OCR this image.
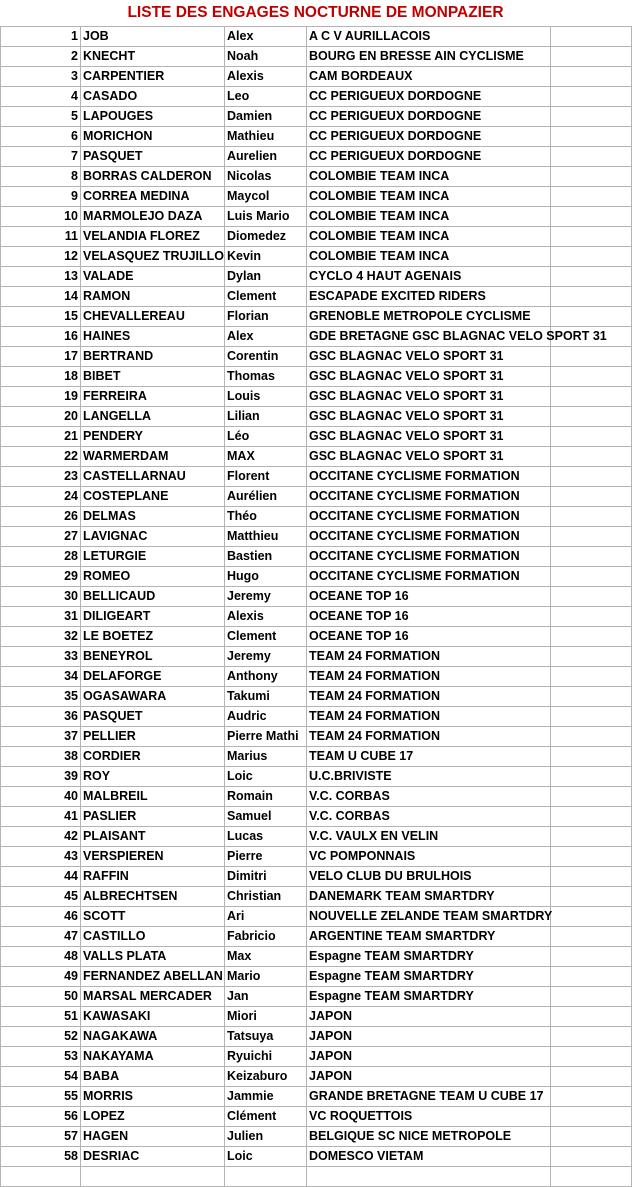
LISTE DES ENGAGES NOCTURNE DE MONPAZIER
1	JOB	Alex	A C V AURILLACOIS	
2	KNECHT	Noah	BOURG EN BRESSE AIN CYCLISME	
3	CARPENTIER	Alexis	CAM BORDEAUX	
4	CASADO	Leo	CC PERIGUEUX DORDOGNE	
5	LAPOUGES	Damien	CC PERIGUEUX DORDOGNE	
6	MORICHON	Mathieu	CC PERIGUEUX DORDOGNE	
7	PASQUET	Aurelien	CC PERIGUEUX DORDOGNE	
8	BORRAS CALDERON	Nicolas	COLOMBIE TEAM INCA	
9	CORREA MEDINA	Maycol	COLOMBIE TEAM INCA	
10	MARMOLEJO DAZA	Luis Mario	COLOMBIE TEAM INCA	
11	VELANDIA FLOREZ	Diomedez	COLOMBIE TEAM INCA	
12	VELASQUEZ TRUJILLO	Kevin	COLOMBIE TEAM INCA	
13	VALADE	Dylan	CYCLO 4 HAUT AGENAIS	
14	RAMON	Clement	ESCAPADE EXCITED RIDERS	
15	CHEVALLEREAU	Florian	GRENOBLE METROPOLE CYCLISME	
16	HAINES	Alex	GDE BRETAGNE GSC BLAGNAC VELO SPORT 31	
17	BERTRAND	Corentin	GSC BLAGNAC VELO SPORT 31	
18	BIBET	Thomas	GSC BLAGNAC VELO SPORT 31	
19	FERREIRA	Louis	GSC BLAGNAC VELO SPORT 31	
20	LANGELLA	Lilian	GSC BLAGNAC VELO SPORT 31	
21	PENDERY	Léo	GSC BLAGNAC VELO SPORT 31	
22	WARMERDAM	MAX	GSC BLAGNAC VELO SPORT 31	
23	CASTELLARNAU	Florent	OCCITANE CYCLISME FORMATION	
24	COSTEPLANE	Aurélien	OCCITANE CYCLISME FORMATION	
26	DELMAS	Théo	OCCITANE CYCLISME FORMATION	
27	LAVIGNAC	Matthieu	OCCITANE CYCLISME FORMATION	
28	LETURGIE	Bastien	OCCITANE CYCLISME FORMATION	
29	ROMEO	Hugo	OCCITANE CYCLISME FORMATION	
30	BELLICAUD	Jeremy	OCEANE TOP 16	
31	DILIGEART	Alexis	OCEANE TOP 16	
32	LE BOETEZ	Clement	OCEANE TOP 16	
33	BENEYROL	Jeremy	TEAM 24 FORMATION	
34	DELAFORGE	Anthony	TEAM 24 FORMATION	
35	OGASAWARA	Takumi	TEAM 24 FORMATION	
36	PASQUET	Audric	TEAM 24 FORMATION	
37	PELLIER	Pierre Mathi	TEAM 24 FORMATION	
38	CORDIER	Marius	TEAM U CUBE 17	
39	ROY	Loic	U.C.BRIVISTE	
40	MALBREIL	Romain	V.C. CORBAS	
41	PASLIER	Samuel	V.C. CORBAS	
42	PLAISANT	Lucas	V.C. VAULX EN VELIN	
43	VERSPIEREN	Pierre	VC POMPONNAIS	
44	RAFFIN	Dimitri	VELO CLUB DU BRULHOIS	
45	ALBRECHTSEN	Christian	DANEMARK TEAM SMARTDRY	
46	SCOTT	Ari	NOUVELLE ZELANDE TEAM SMARTDRY	
47	CASTILLO	Fabricio	ARGENTINE TEAM SMARTDRY	
48	VALLS PLATA	Max	Espagne TEAM SMARTDRY	
49	FERNANDEZ ABELLAN	Mario	Espagne TEAM SMARTDRY	
50	MARSAL MERCADER	Jan	Espagne TEAM SMARTDRY	
51	KAWASAKI	Miori	JAPON	
52	NAGAKAWA	Tatsuya	JAPON	
53	NAKAYAMA	Ryuichi	JAPON	
54	BABA	Keizaburo	JAPON	
55	MORRIS	Jammie	GRANDE BRETAGNE TEAM U CUBE 17	
56	LOPEZ	Clément	VC ROQUETTOIS	
57	HAGEN	Julien	BELGIQUE SC NICE METROPOLE	
58	DESRIAC	Loic	DOMESCO VIETAM	
